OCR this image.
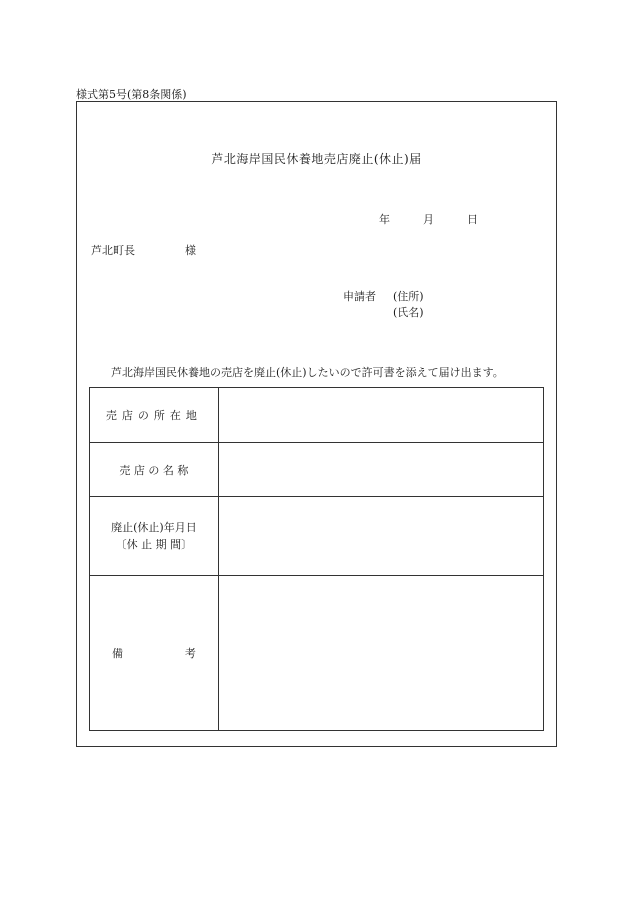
様式第5号(第8条関係)
芦北海岸国民休養地売店廃止(休止)届
年	月	日
芦北町長	様
申請者 (住所)
(氏名)
芦北海岸国民休養地の売店を廃止(休止)したいので許可書を添えて届け出ます。
売店の所在地	
売 店 の 名 称	

廃止(休止)年月日
〔休 止 期 間〕	

備 考	
